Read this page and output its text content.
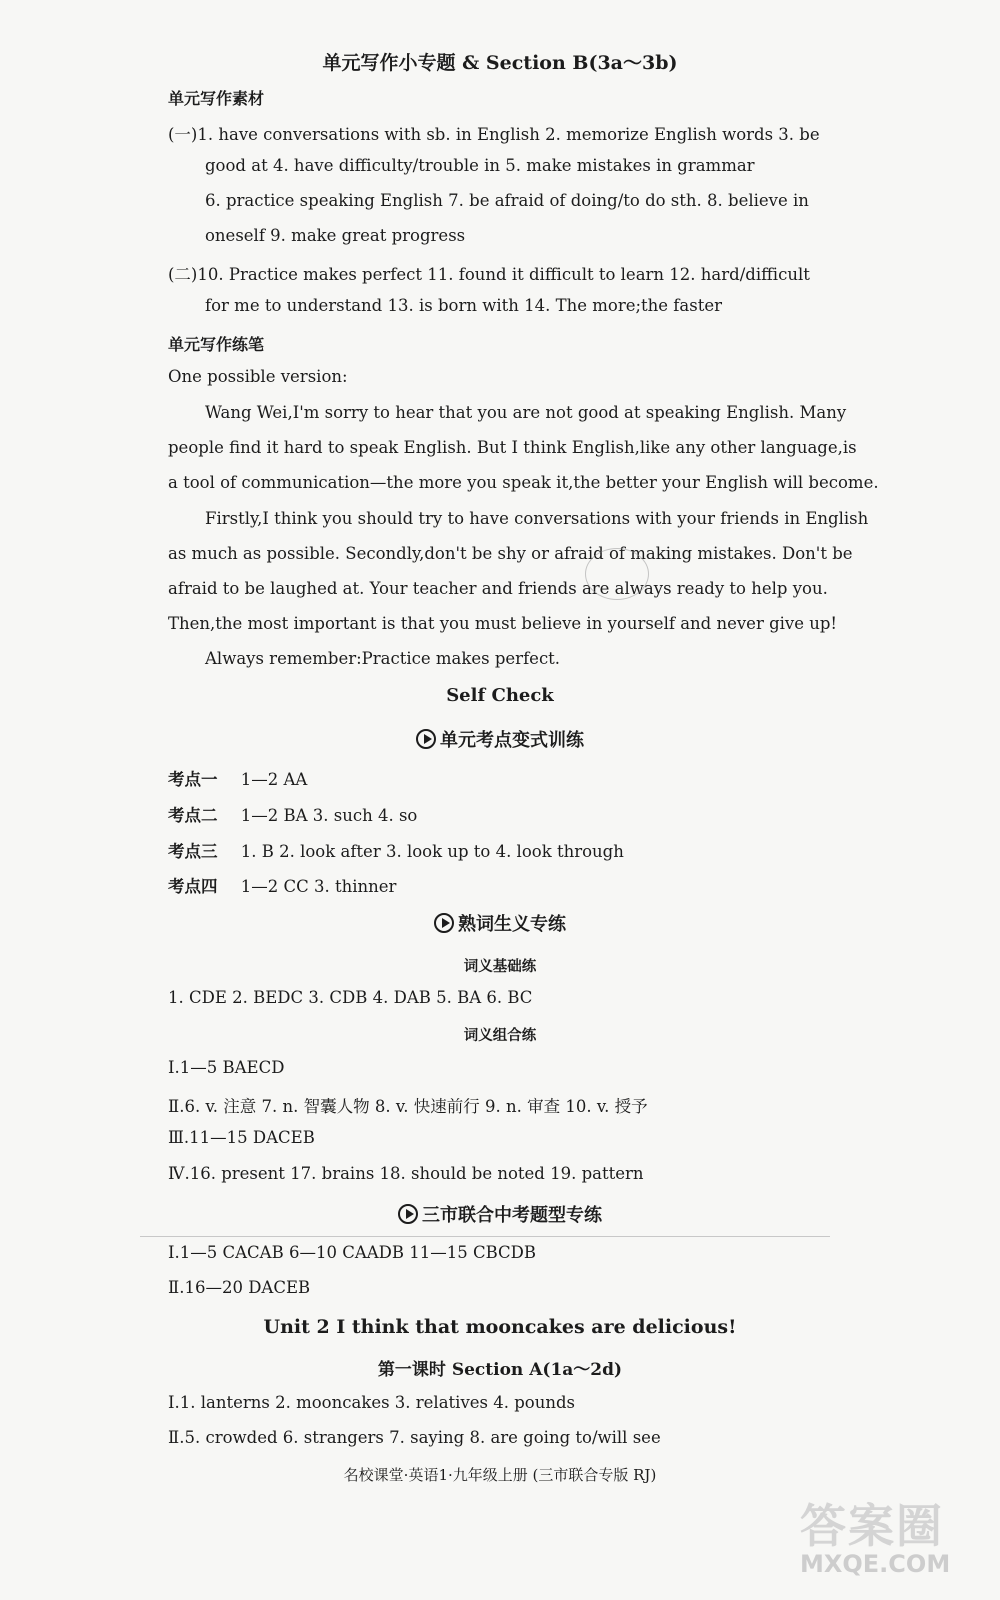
单元写作小专题 & Section B(3a～3b)
单元写作素材
(一)1. have conversations with sb. in English 2. memorize English words 3. be
good at 4. have difficulty/trouble in 5. make mistakes in grammar
6. practice speaking English 7. be afraid of doing/to do sth. 8. believe in
oneself 9. make great progress
(二)10. Practice makes perfect 11. found it difficult to learn 12. hard/difficult
for me to understand 13. is born with 14. The more;the faster
单元写作练笔
One possible version:
Wang Wei,I'm sorry to hear that you are not good at speaking English. Many
people find it hard to speak English. But I think English,like any other language,is
a tool of communication—the more you speak it,the better your English will become.
Firstly,I think you should try to have conversations with your friends in English
as much as possible. Secondly,don't be shy or afraid of making mistakes. Don't be
afraid to be laughed at. Your teacher and friends are always ready to help you.
Then,the most important is that you must believe in yourself and never give up!
Always remember:Practice makes perfect.
Self Check
单元考点变式训练
考点一 1—2 AA
考点二 1—2 BA 3. such 4. so
考点三 1. B 2. look after 3. look up to 4. look through
考点四 1—2 CC 3. thinner
熟词生义专练
词义基础练
1. CDE 2. BEDC 3. CDB 4. DAB 5. BA 6. BC
词义组合练
Ⅰ.1—5 BAECD
Ⅱ.6. v. 注意 7. n. 智囊人物 8. v. 快速前行 9. n. 审查 10. v. 授予
Ⅲ.11—15 DACEB
Ⅳ.16. present 17. brains 18. should be noted 19. pattern
三市联合中考题型专练
Ⅰ.1—5 CACAB 6—10 CAADB 11—15 CBCDB
Ⅱ.16—20 DACEB
Unit 2 I think that mooncakes are delicious!
第一课时 Section A(1a～2d)
Ⅰ.1. lanterns 2. mooncakes 3. relatives 4. pounds
Ⅱ.5. crowded 6. strangers 7. saying 8. are going to/will see
名校课堂·英语1·九年级上册 (三市联合专版 RJ)
答案圈
MXQE.COM
